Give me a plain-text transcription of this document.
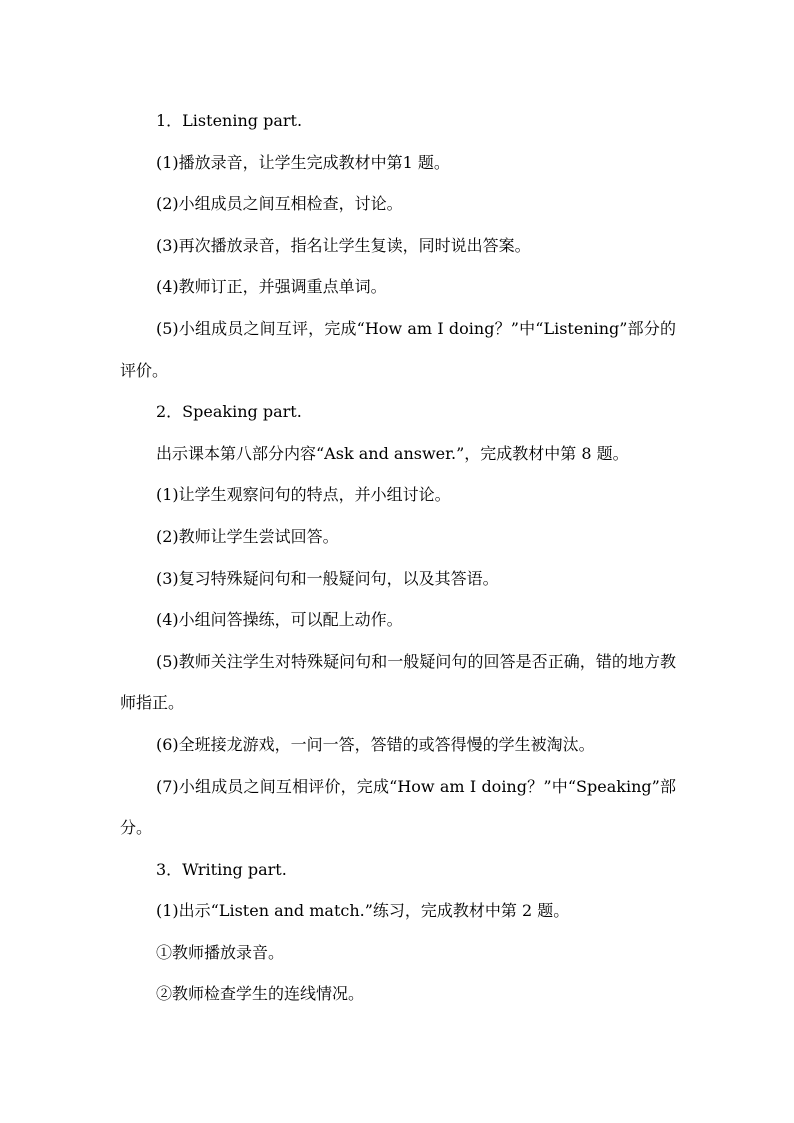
1．Listening part.

(1)播放录音，让学生完成教材中第1 题。

(2)小组成员之间互相检查，讨论。

(3)再次播放录音，指名让学生复读，同时说出答案。

(4)教师订正，并强调重点单词。

(5)小组成员之间互评，完成“How am I doing？”中“Listening”部分的评价。

2．Speaking part.

出示课本第八部分内容“Ask and answer.”，完成教材中第 8 题。

(1)让学生观察问句的特点，并小组讨论。

(2)教师让学生尝试回答。

(3)复习特殊疑问句和一般疑问句，以及其答语。

(4)小组问答操练，可以配上动作。

(5)教师关注学生对特殊疑问句和一般疑问句的回答是否正确，错的地方教师指正。

(6)全班接龙游戏，一问一答，答错的或答得慢的学生被淘汰。

(7)小组成员之间互相评价，完成“How am I doing？”中“Speaking”部分。

3．Writing part.

(1)出示“Listen and match.”练习，完成教材中第 2 题。

①教师播放录音。

②教师检查学生的连线情况。
